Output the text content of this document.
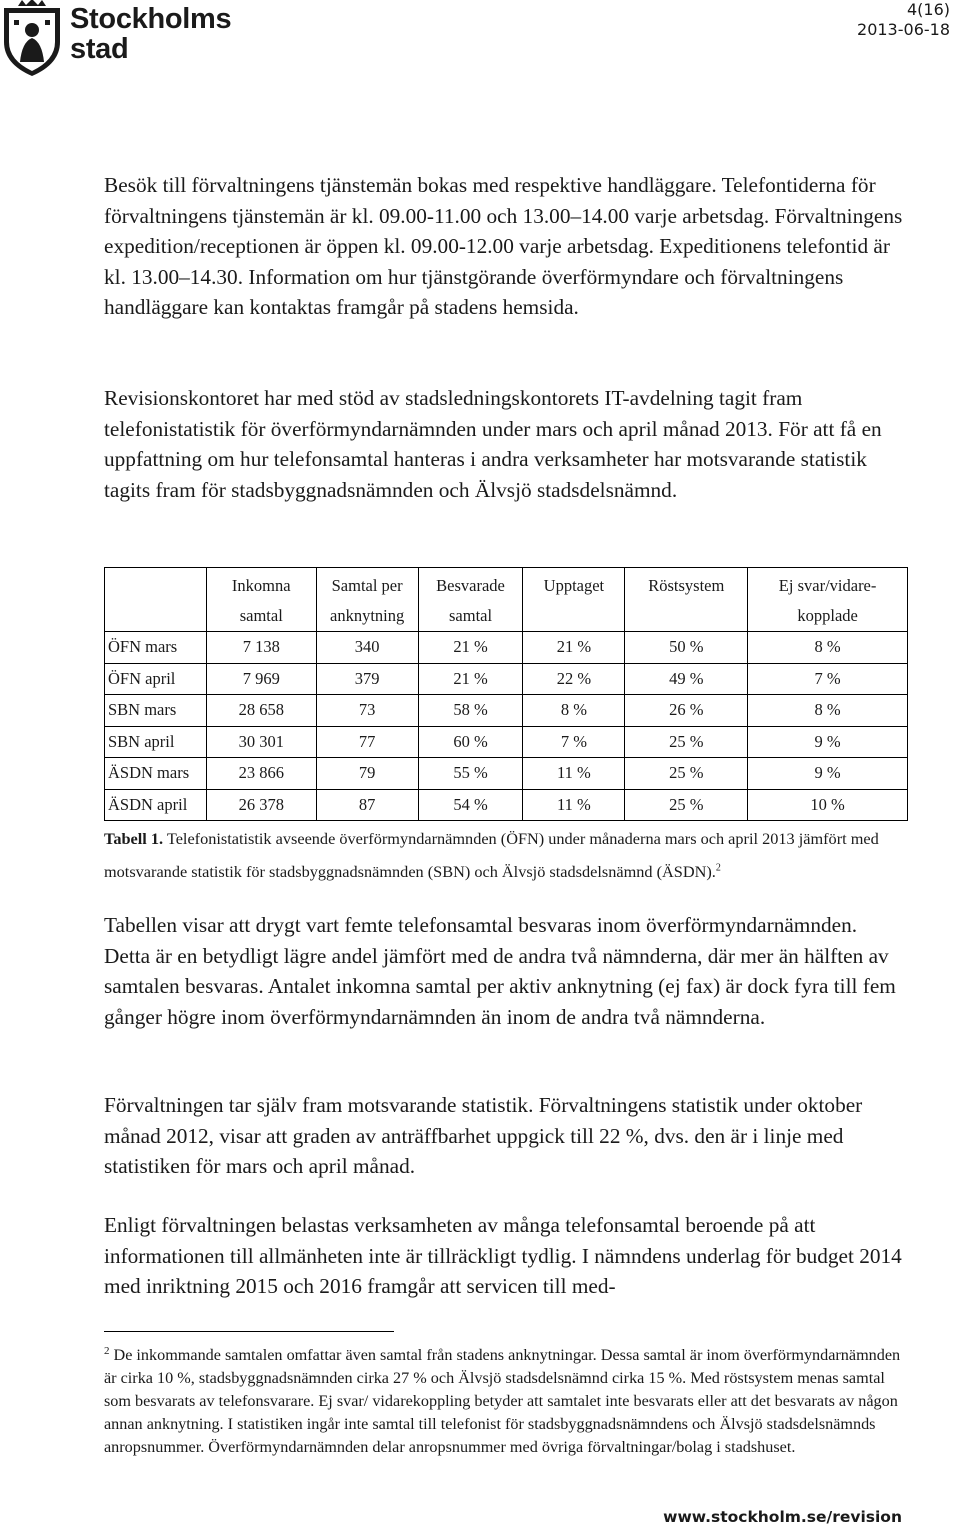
Stockholms
stad
4(16)
2013-06-18

Besök till förvaltningens tjänstemän bokas med respektive handläggare. Telefontiderna för förvaltningens tjänstemän är kl. 09.00-11.00 och 13.00–14.00 varje arbetsdag. Förvaltningens expedition/receptionen är öppen kl. 09.00-12.00 varje arbetsdag. Expeditionens telefontid är kl. 13.00–14.30. Information om hur tjänstgörande överförmyndare och förvaltningens handläggare kan kontaktas framgår på stadens hemsida.

Revisionskontoret har med stöd av stadsledningskontorets IT-avdelning tagit fram telefonistatistik för överförmyndarnämnden under mars och april månad 2013. För att få en uppfattning om hur telefonsamtal hanteras i andra verksamheter har motsvarande statistik tagits fram för stadsbyggnadsnämnden och Älvsjö stadsdelsnämnd.

	Inkomna	Samtal per	Besvarade	Upptaget	Röstsystem	Ej svar/vidare-
	samtal	anknytning	samtal			kopplade
ÖFN mars	7 138	340	21 %	21 %	50 %	8 %
ÖFN april	7 969	379	21 %	22 %	49 %	7 %
SBN mars	28 658	73	58 %	8 %	26 %	8 %
SBN april	30 301	77	60 %	7 %	25 %	9 %
ÄSDN mars	23 866	79	55 %	11 %	25 %	9 %
ÄSDN april	26 378	87	54 %	11 %	25 %	10 %

Tabell 1. Telefonistatistik avseende överförmyndarnämnden (ÖFN) under månaderna mars och april 2013 jämfört med motsvarande statistik för stadsbyggnadsnämnden (SBN) och Älvsjö stadsdelsnämnd (ÄSDN).$^2$

Tabellen visar att drygt vart femte telefonsamtal besvaras inom överförmyndarnämnden. Detta är en betydligt lägre andel jämfört med de andra två nämnderna, där mer än hälften av samtalen besvaras. Antalet inkomna samtal per aktiv anknytning (ej fax) är dock fyra till fem gånger högre inom överförmyndarnämnden än inom de andra två nämnderna.

Förvaltningen tar själv fram motsvarande statistik. Förvaltningens statistik under oktober månad 2012, visar att graden av anträffbarhet uppgick till 22 %, dvs. den är i linje med statistiken för mars och april månad.

Enligt förvaltningen belastas verksamheten av många telefonsamtal beroende på att informationen till allmänheten inte är tillräckligt tydlig. I nämndens underlag för budget 2014 med inriktning 2015 och 2016 framgår att servicen till med-

$^2$ De inkommande samtalen omfattar även samtal från stadens anknytningar. Dessa samtal är inom överförmyndarnämnden är cirka 10 %, stadsbyggnadsnämnden cirka 27 % och Älvsjö stadsdelsnämnd cirka 15 %. Med röstsystem menas samtal som besvarats av telefonsvarare. Ej svar/ vidarekoppling betyder att samtalet inte besvarats eller att det besvarats av någon annan anknytning. I statistiken ingår inte samtal till telefonist för stadsbyggnadsnämndens och Älvsjö stadsdelsnämnds anropsnummer. Överförmyndarnämnden delar anropsnummer med övriga förvaltningar/bolag i stadshuset.

www.stockholm.se/revision
